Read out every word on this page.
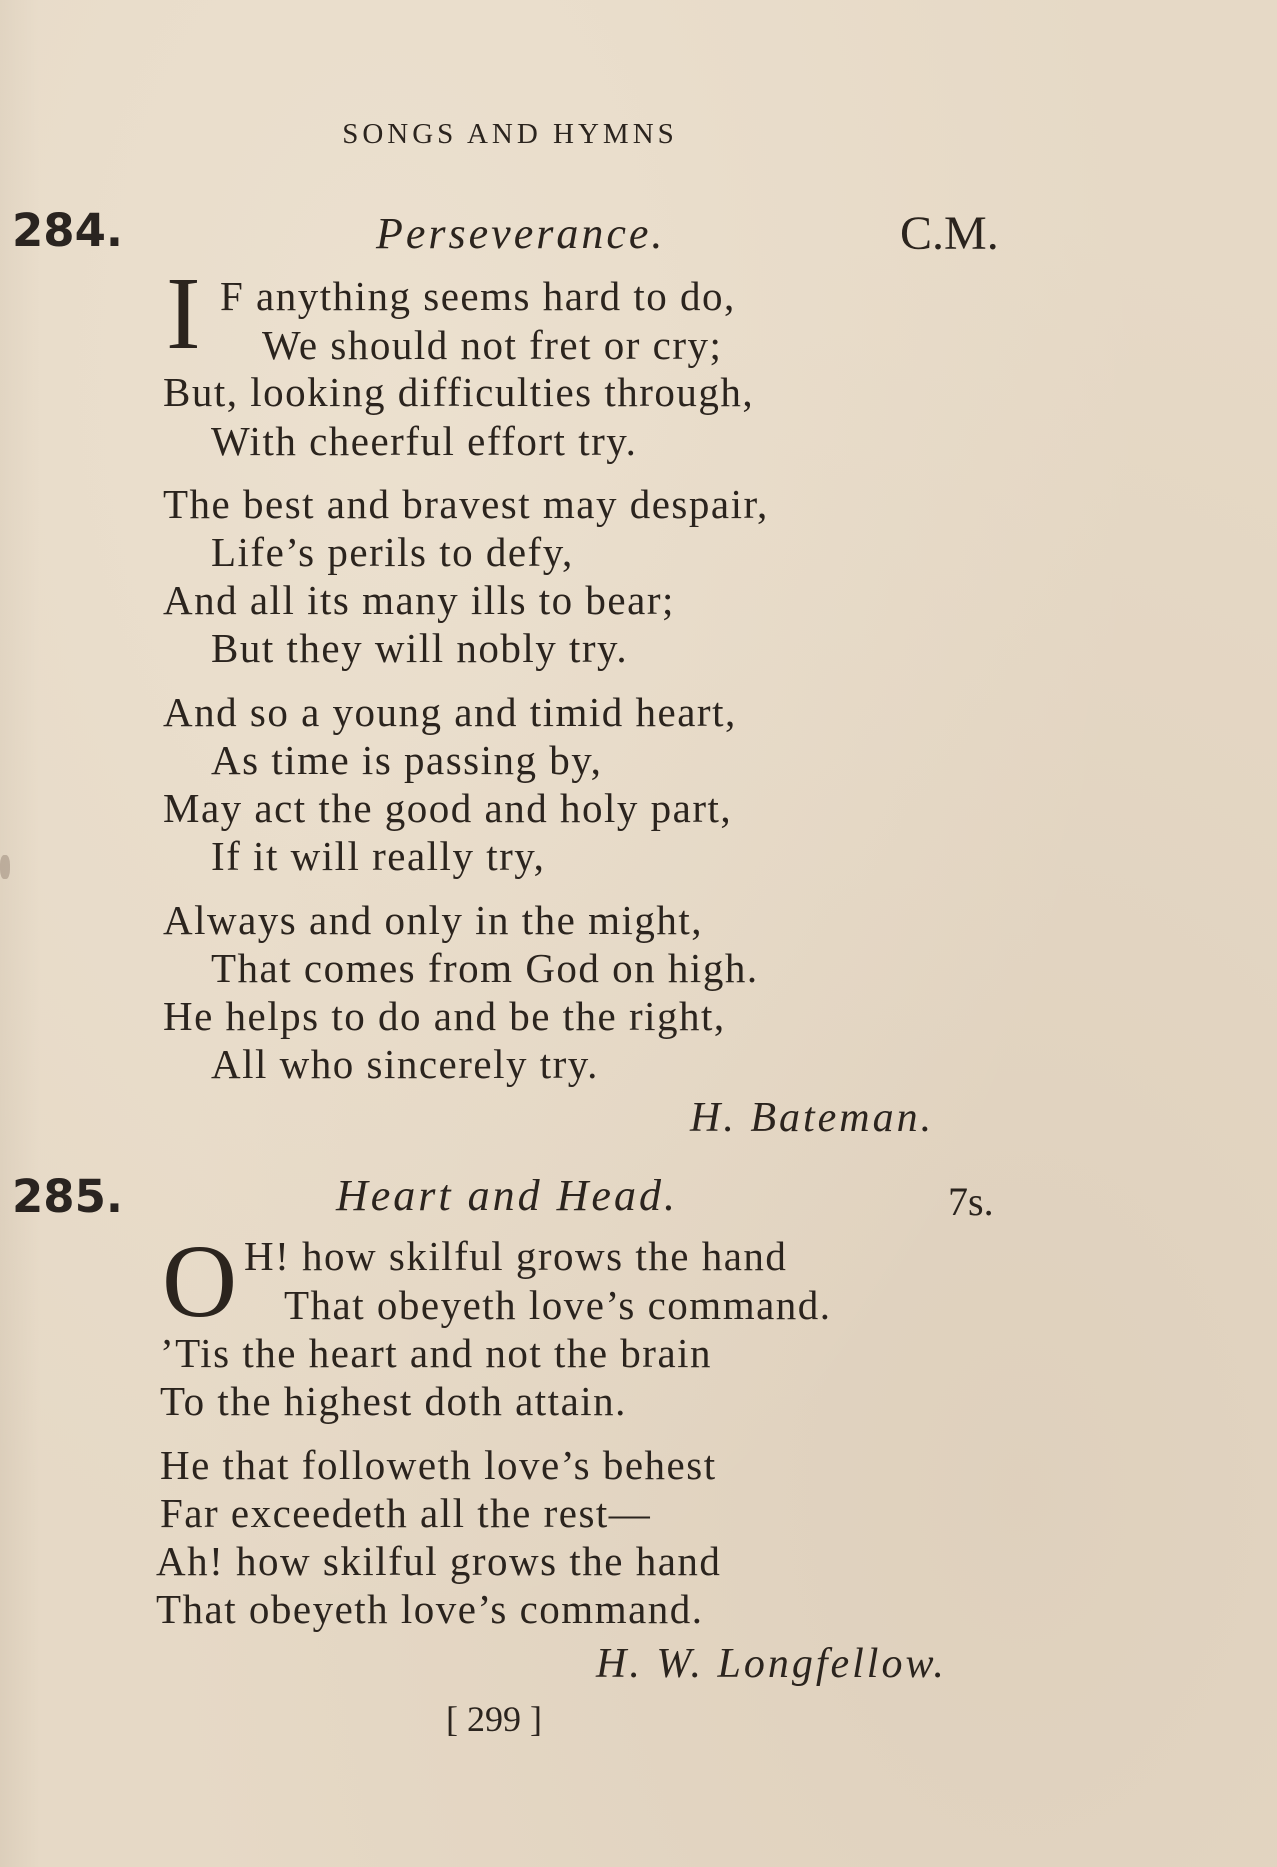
SONGS AND HYMNS
284.	Perseverance.	C.M.
I F anything seems hard to do,
We should not fret or cry;
But, looking difficulties through,
With cheerful effort try.
The best and bravest may despair,
Life’s perils to defy,
And all its many ills to bear;
But they will nobly try.
And so a young and timid heart,
As time is passing by,
May act the good and holy part,
If it will really try,
Always and only in the might,
That comes from God on high.
He helps to do and be the right,
All who sincerely try.
H. Bateman.
285.	Heart and Head.	7s.
O H! how skilful grows the hand
That obeyeth love’s command.
’Tis the heart and not the brain
To the highest doth attain.
He that followeth love’s behest
Far exceedeth all the rest—
Ah! how skilful grows the hand
That obeyeth love’s command.
H. W. Longfellow.
[ 299 ]
